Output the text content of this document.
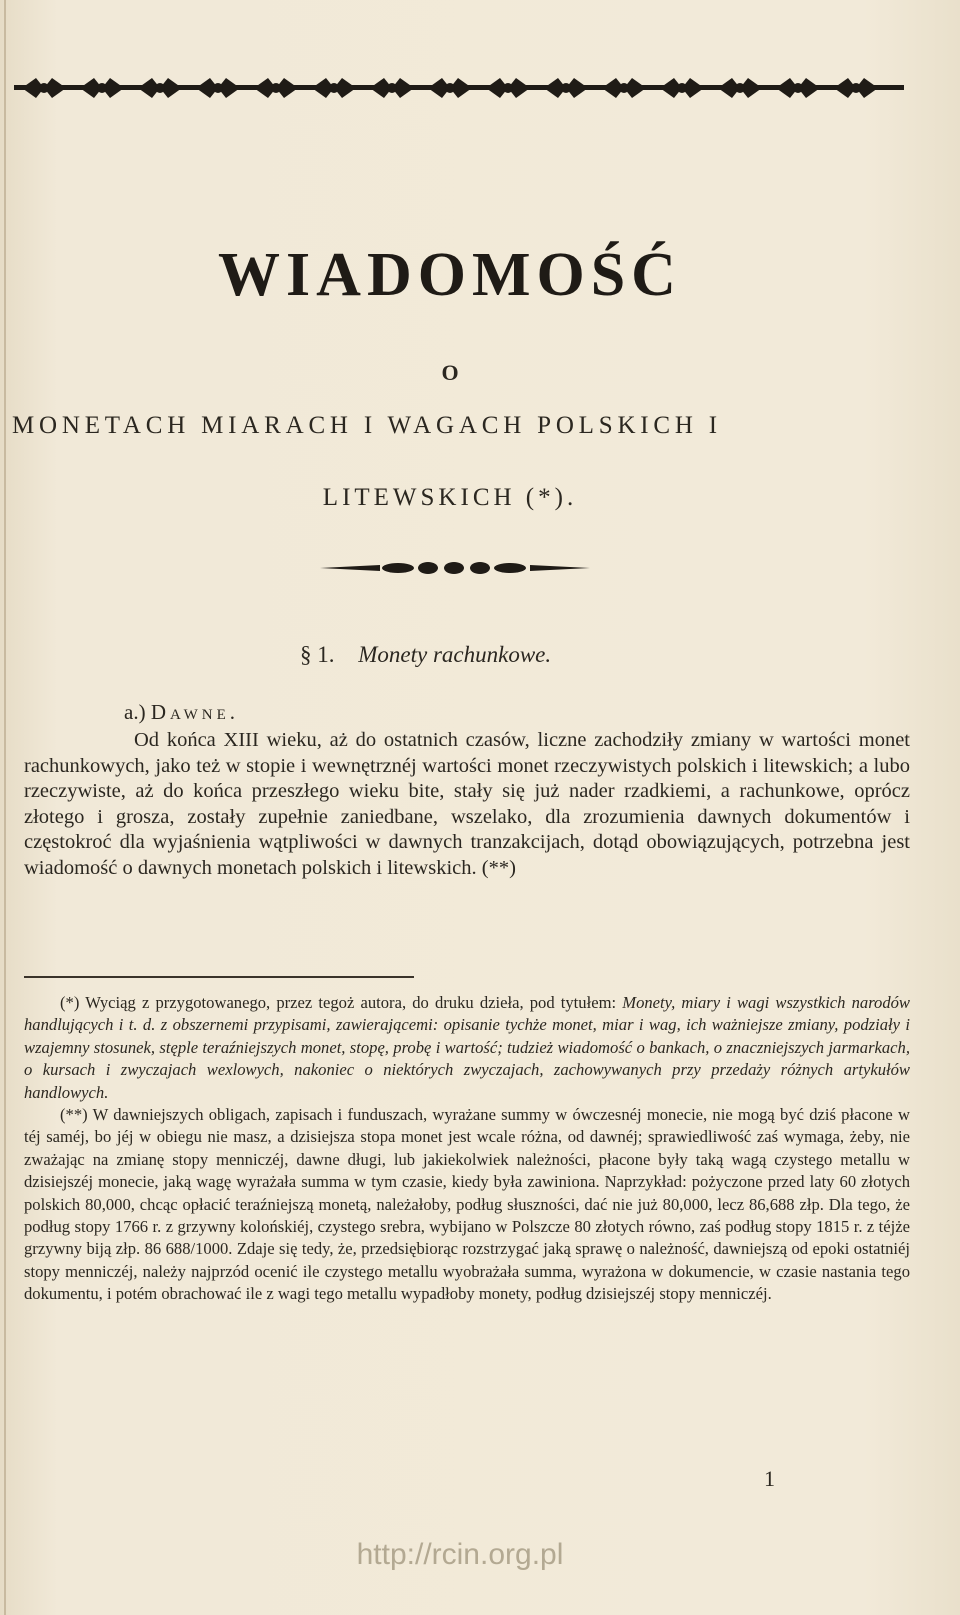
WIADOMOŚĆ
O
MONETACH MIARACH I WAGACH POLSKICH I
LITEWSKICH (*).
§ 1. Monety rachunkowe.
a.) Dawne.

Od końca XIII wieku, aż do ostatnich czasów, liczne zachodziły zmiany w wartości monet rachunkowych, jako też w stopie i wewnętrznéj wartości monet rzeczywistych polskich i litewskich; a lubo rzeczywiste, aż do końca przeszłego wieku bite, stały się już nader rzadkiemi, a rachunkowe, oprócz złotego i grosza, zostały zupełnie zaniedbane, wszelako, dla zrozumienia dawnych dokumentów i częstokroć dla wyjaśnienia wątpliwości w dawnych tranzakcijach, dotąd obowiązujących, potrzebna jest wiadomość o dawnych monetach polskich i litewskich. (**)

(*) Wyciąg z przygotowanego, przez tegoż autora, do druku dzieła, pod tytułem: Monety, miary i wagi wszystkich narodów handlujących i t. d. z obszernemi przypisami, zawierającemi: opisanie tychże monet, miar i wag, ich ważniejsze zmiany, podziały i wzajemny stosunek, stęple teraźniejszych monet, stopę, probę i wartość; tudzież wiadomość o bankach, o znaczniejszych jarmarkach, o kursach i zwyczajach wexlowych, nakoniec o niektórych zwyczajach, zachowywanych przy przedaży różnych artykułów handlowych.

(**) W dawniejszych obligach, zapisach i funduszach, wyrażane summy w ówczesnéj monecie, nie mogą być dziś płacone w téj saméj, bo jéj w obiegu nie masz, a dzisiejsza stopa monet jest wcale różna, od dawnéj; sprawiedliwość zaś wymaga, żeby, nie zważając na zmianę stopy menniczéj, dawne długi, lub jakiekolwiek należności, płacone były taką wagą czystego metallu w dzisiejszéj monecie, jaką wagę wyrażała summa w tym czasie, kiedy była zawiniona. Naprzykład: pożyczone przed laty 60 złotych polskich 80,000, chcąc opłacić teraźniejszą monetą, należałoby, podług słuszności, dać nie już 80,000, lecz 86,688 złp. Dla tego, że podług stopy 1766 r. z grzywny kolońskiéj, czystego srebra, wybijano w Polszcze 80 złotych równo, zaś podług stopy 1815 r. z téjże grzywny biją złp. 86 688/1000. Zdaje się tedy, że, przedsiębiorąc rozstrzygać jaką sprawę o należność, dawniejszą od epoki ostatniéj stopy menniczéj, należy najprzód ocenić ile czystego metallu wyobrażała summa, wyrażona w dokumencie, w czasie nastania tego dokumentu, i potém obrachować ile z wagi tego metallu wypadłoby monety, podług dzisiejszéj stopy menniczéj.

1
http://rcin.org.pl
